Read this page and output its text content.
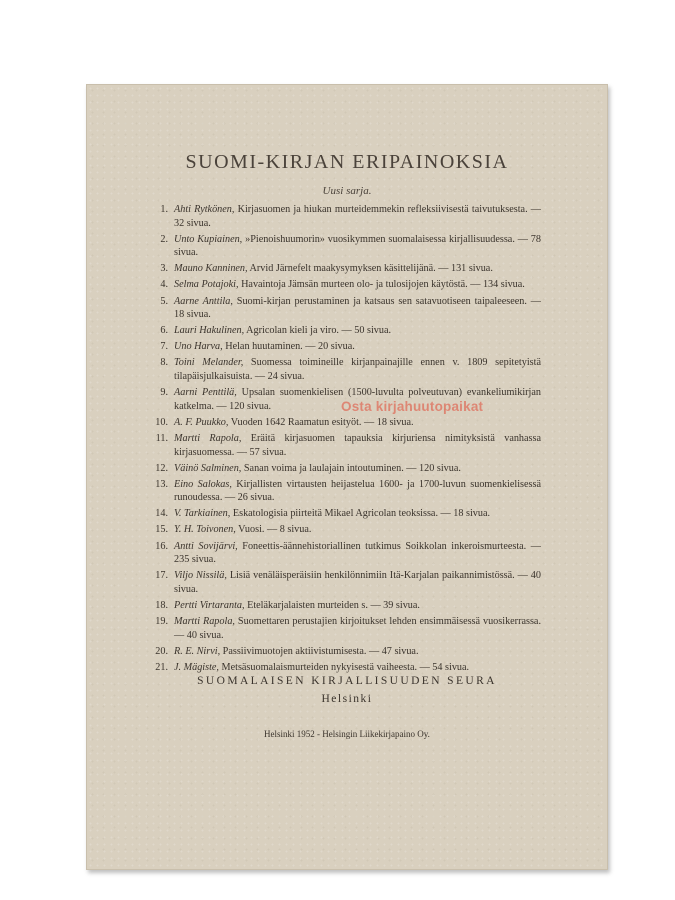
SUOMI-KIRJAN ERIPAINOKSIA
Uusi sarja.
1. Ahti Rytkönen, Kirjasuomen ja hiukan murteidemmekin refleksiivisestä taivutuksesta. — 32 sivua.
2. Unto Kupiainen, »Pienoishuumorin» vuosikymmen suomalaisessa kirjallisuudessa. — 78 sivua.
3. Mauno Kanninen, Arvid Järnefelt maakysymyksen käsittelijänä. — 131 sivua.
4. Selma Potajoki, Havaintoja Jämsän murteen olo- ja tulosijojen käytöstä. — 134 sivua.
5. Aarne Anttila, Suomi-kirjan perustaminen ja katsaus sen satavuotiseen taipaleeseen. — 18 sivua.
6. Lauri Hakulinen, Agricolan kieli ja viro. — 50 sivua.
7. Uno Harva, Helan huutaminen. — 20 sivua.
8. Toini Melander, Suomessa toimineille kirjanpainajille ennen v. 1809 sepitetyistä tilapäisjulkaisuista. — 24 sivua.
9. Aarni Penttilä, Upsalan suomenkielisen (1500-luvulta polveutuvan) evankeliumikirjan katkelma. — 120 sivua.
10. A. F. Puukko, Vuoden 1642 Raamatun esityöt. — 18 sivua.
11. Martti Rapola, Eräitä kirjasuomen tapauksia kirjuriensa nimityksistä vanhassa kirjasuomessa. — 57 sivua.
12. Väinö Salminen, Sanan voima ja laulajain intoutuminen. — 120 sivua.
13. Eino Salokas, Kirjallisten virtausten heijastelua 1600- ja 1700-luvun suomenkielisessä runoudessa. — 26 sivua.
14. V. Tarkiainen, Eskatologisia piirteitä Mikael Agricolan teoksissa. — 18 sivua.
15. Y. H. Toivonen, Vuosi. — 8 sivua.
16. Antti Sovijärvi, Foneettis-äännehistoriallinen tutkimus Soikkolan inkeroismurteesta. — 235 sivua.
17. Viljo Nissilä, Lisiä venäläisperäisiin henkilönnimiin Itä-Karjalan paikannimistössä. — 40 sivua.
18. Pertti Virtaranta, Eteläkarjalaisten murteiden s. — 39 sivua.
19. Martti Rapola, Suomettaren perustajien kirjoitukset lehden ensimmäisessä vuosikerrassa. — 40 sivua.
20. R. E. Nirvi, Passiivimuotojen aktiivistumisesta. — 47 sivua.
21. J. Mägiste, Metsäsuomalaismurteiden nykyisestä vaiheesta. — 54 sivua.
Osta kirjahuutopaikat
SUOMALAISEN KIRJALLISUUDEN SEURA
Helsinki
Helsinki 1952 - Helsingin Liikekirjapaino Oy.
